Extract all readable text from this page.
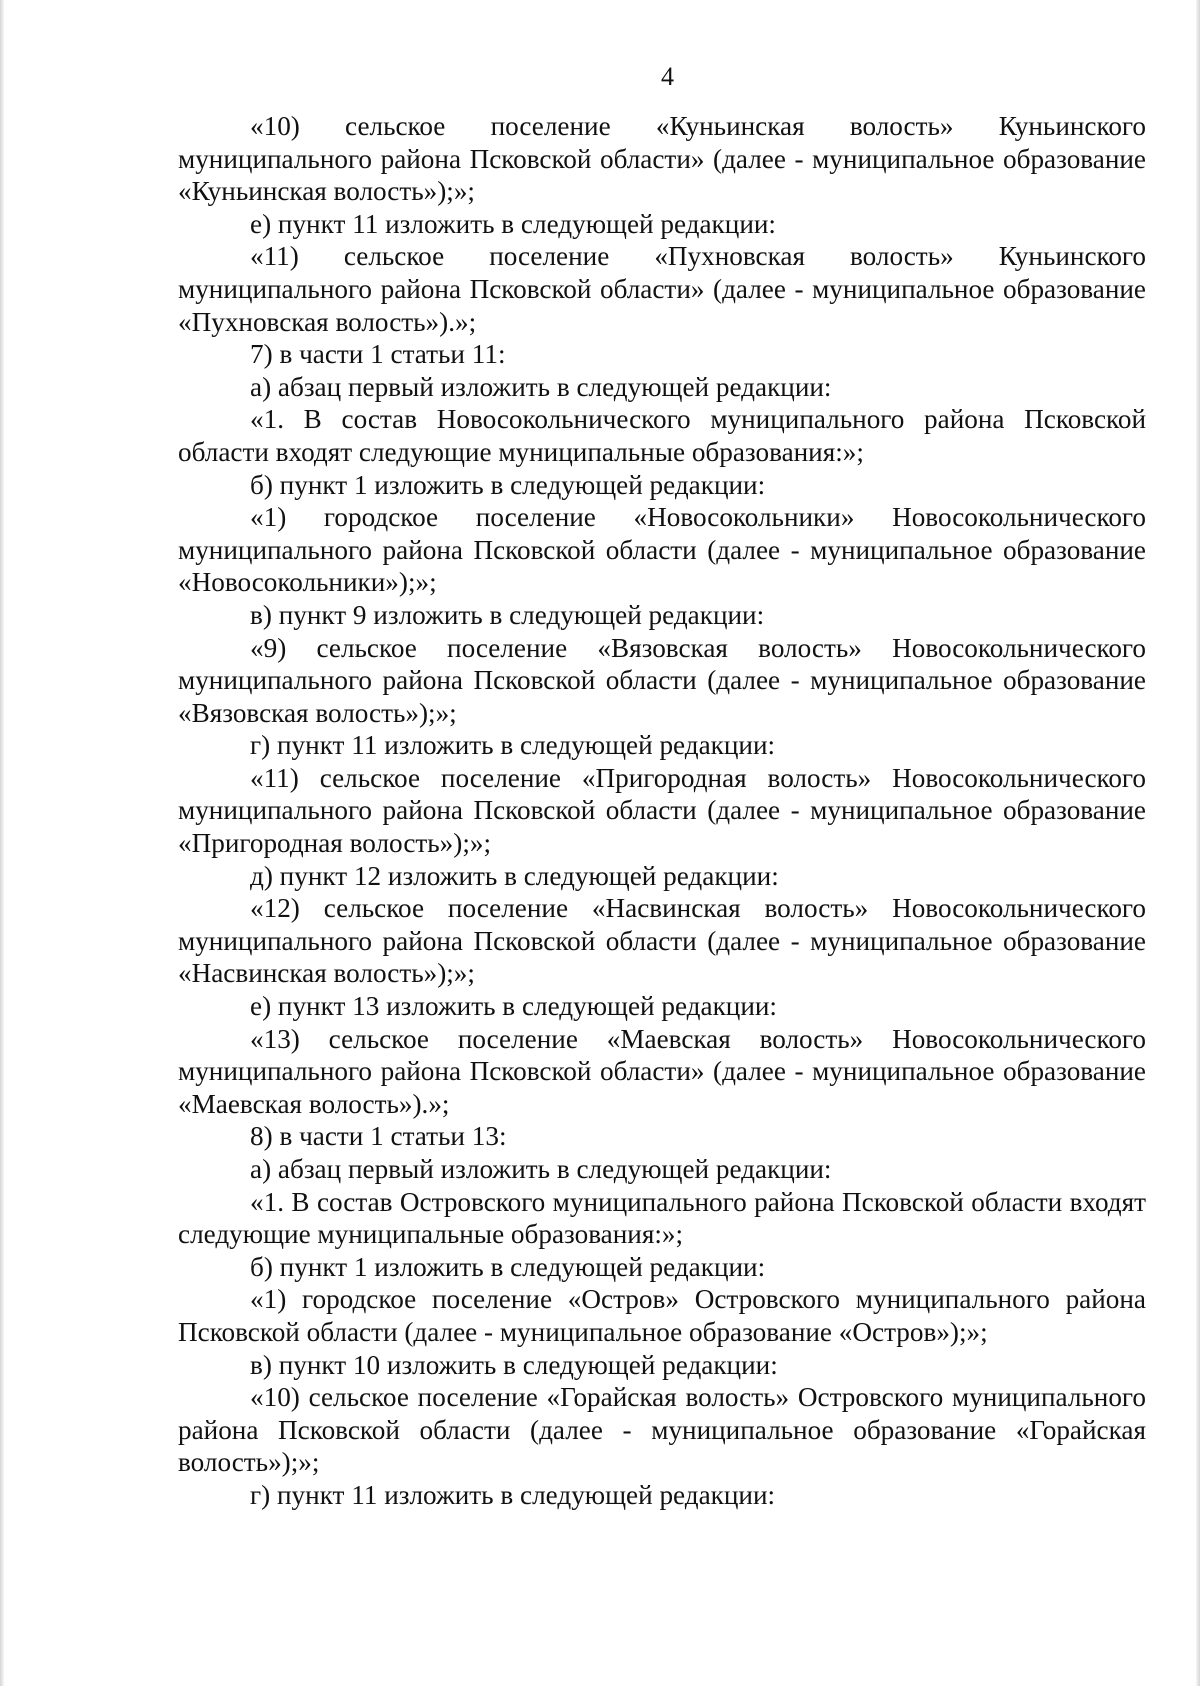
4

«10) сельское поселение «Куньинская волость» Куньинского муниципального района Псковской области» (далее - муниципальное образование «Куньинская волость»);»;

е) пункт 11 изложить в следующей редакции:

«11) сельское поселение «Пухновская волость» Куньинского муниципального района Псковской области» (далее - муниципальное образование «Пухновская волость»).»;

7) в части 1 статьи 11:

а) абзац первый изложить в следующей редакции:

«1. В состав Новосокольнического муниципального района Псковской области входят следующие муниципальные образования:»;

б) пункт 1 изложить в следующей редакции:

«1) городское поселение «Новосокольники» Новосокольнического муниципального района Псковской области (далее - муниципальное образование «Новосокольники»);»;

в) пункт 9 изложить в следующей редакции:

«9) сельское поселение «Вязовская волость» Новосокольнического муниципального района Псковской области (далее - муниципальное образование «Вязовская волость»);»;

г) пункт 11 изложить в следующей редакции:

«11) сельское поселение «Пригородная волость» Новосокольнического муниципального района Псковской области (далее - муниципальное образование «Пригородная волость»);»;

д) пункт 12 изложить в следующей редакции:

«12) сельское поселение «Насвинская волость» Новосокольнического муниципального района Псковской области (далее - муниципальное образование «Насвинская волость»);»;

е) пункт 13 изложить в следующей редакции:

«13) сельское поселение «Маевская волость» Новосокольнического муниципального района Псковской области» (далее - муниципальное образование «Маевская волость»).»;

8) в части 1 статьи 13:

а) абзац первый изложить в следующей редакции:

«1. В состав Островского муниципального района Псковской области входят следующие муниципальные образования:»;

б) пункт 1 изложить в следующей редакции:

«1) городское поселение «Остров» Островского муниципального района Псковской области (далее - муниципальное образование «Остров»);»;

в) пункт 10 изложить в следующей редакции:

«10) сельское поселение «Горайская волость» Островского муниципального района Псковской области (далее - муниципальное образование «Горайская волость»);»;

г) пункт 11 изложить в следующей редакции:
